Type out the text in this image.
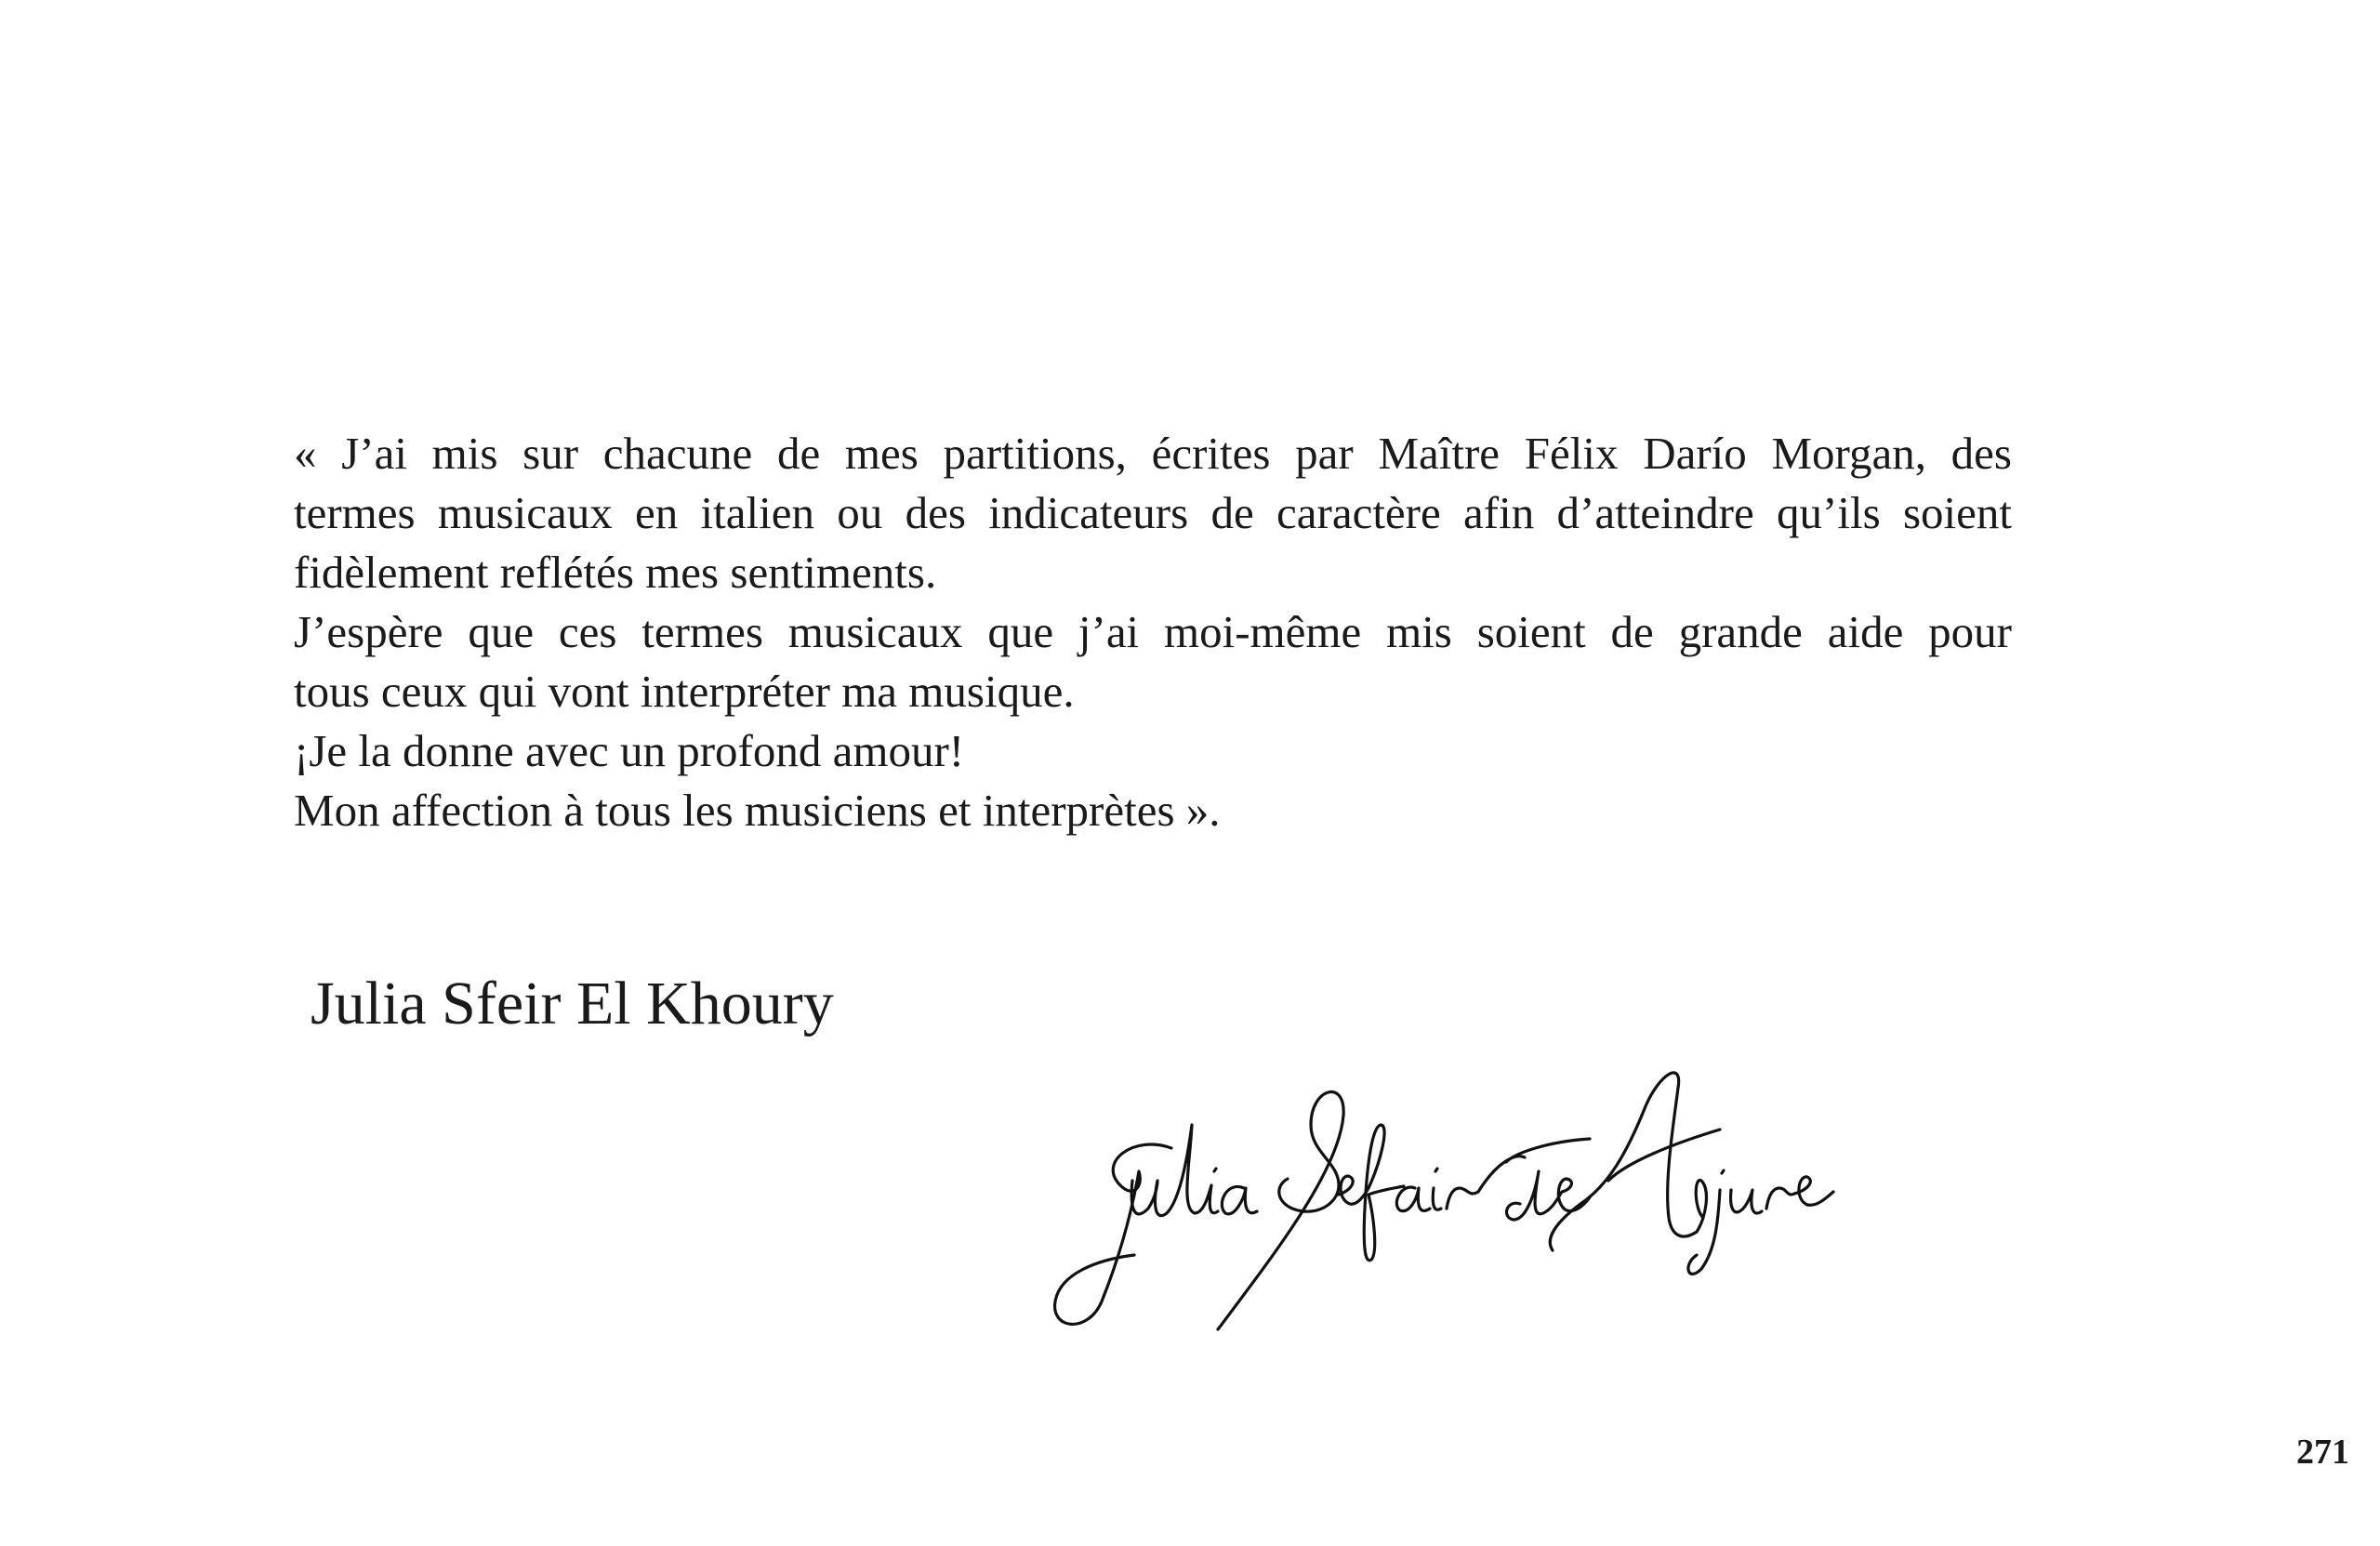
« J’ai mis sur chacune de mes partitions, écrites par Maître Félix Darío Morgan, des
termes musicaux en italien ou des indicateurs de caractère afin d’atteindre qu’ils soient
fidèlement reflétés mes sentiments.
J’espère que ces termes musicaux que j’ai moi-même mis soient de grande aide pour
tous ceux qui vont interpréter ma musique.
¡Je la donne avec un profond amour!
Mon affection à tous les musiciens et interprètes ».
Julia Sfeir El Khoury
271
